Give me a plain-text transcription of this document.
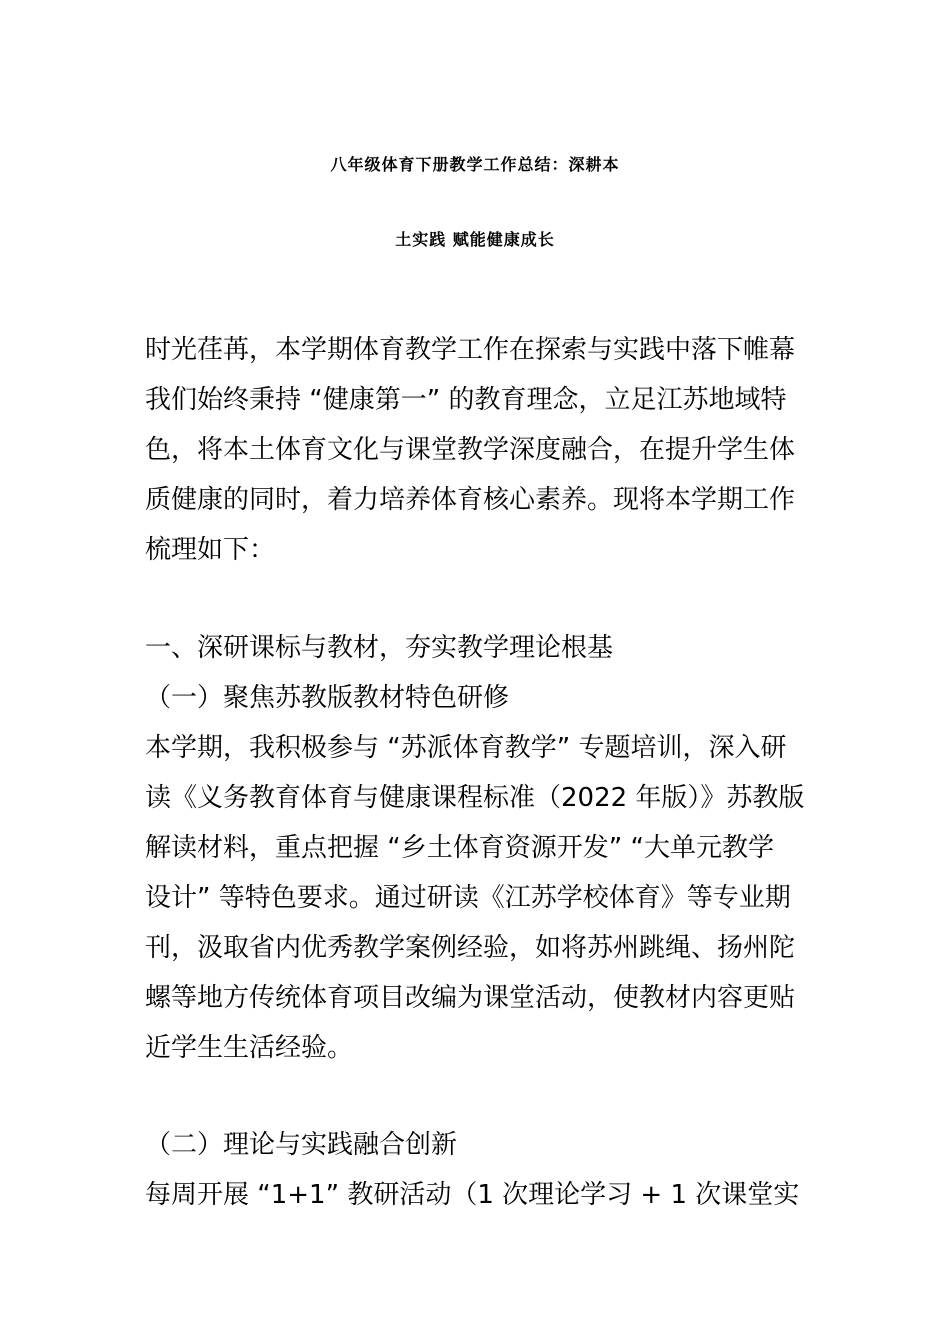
八年级体育下册教学工作总结：深耕本
土实践 赋能健康成长
时光荏苒，本学期体育教学工作在探索与实践中落下帷幕
我们始终秉持 “健康第一” 的教育理念，立足江苏地域特
色，将本土体育文化与课堂教学深度融合，在提升学生体
质健康的同时，着力培养体育核心素养。现将本学期工作
梳理如下：
一、深研课标与教材，夯实教学理论根基
（一）聚焦苏教版教材特色研修
本学期，我积极参与 “苏派体育教学” 专题培训，深入研
读《义务教育体育与健康课程标准（2022 年版）》苏教版
解读材料，重点把握 “乡土体育资源开发” “大单元教学
设计” 等特色要求。通过研读《江苏学校体育》等专业期
刊，汲取省内优秀教学案例经验，如将苏州跳绳、扬州陀
螺等地方传统体育项目改编为课堂活动，使教材内容更贴
近学生生活经验。
（二）理论与实践融合创新
每周开展 “1+1” 教研活动（1 次理论学习 + 1 次课堂实
